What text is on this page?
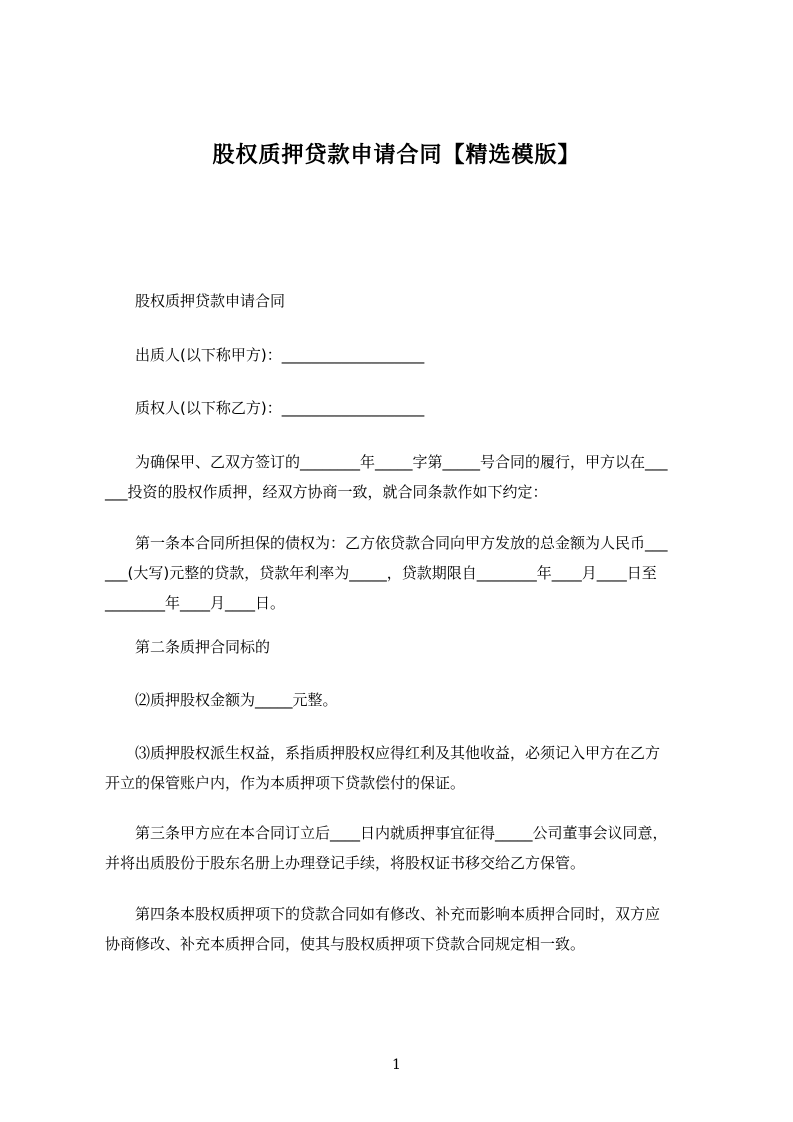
股权质押贷款申请合同【精选模版】
　　股权质押贷款申请合同
　　出质人(以下称甲方)：___________________
　　质权人(以下称乙方)：___________________
　　为确保甲、乙双方签订的________年_____字第_____号合同的履行，甲方以在___
___投资的股权作质押，经双方协商一致，就合同条款作如下约定：
　　第一条本合同所担保的债权为：乙方依贷款合同向甲方发放的总金额为人民币___
___(大写)元整的贷款，贷款年利率为_____，贷款期限自________年____月____日至
________年____月____日。
　　第二条质押合同标的
　　⑵质押股权金额为_____元整。
　　⑶质押股权派生权益，系指质押股权应得红利及其他收益，必须记入甲方在乙方
开立的保管账户内，作为本质押项下贷款偿付的保证。
　　第三条甲方应在本合同订立后____日内就质押事宜征得_____公司董事会议同意，
并将出质股份于股东名册上办理登记手续，将股权证书移交给乙方保管。
　　第四条本股权质押项下的贷款合同如有修改、补充而影响本质押合同时，双方应
协商修改、补充本质押合同，使其与股权质押项下贷款合同规定相一致。
1
